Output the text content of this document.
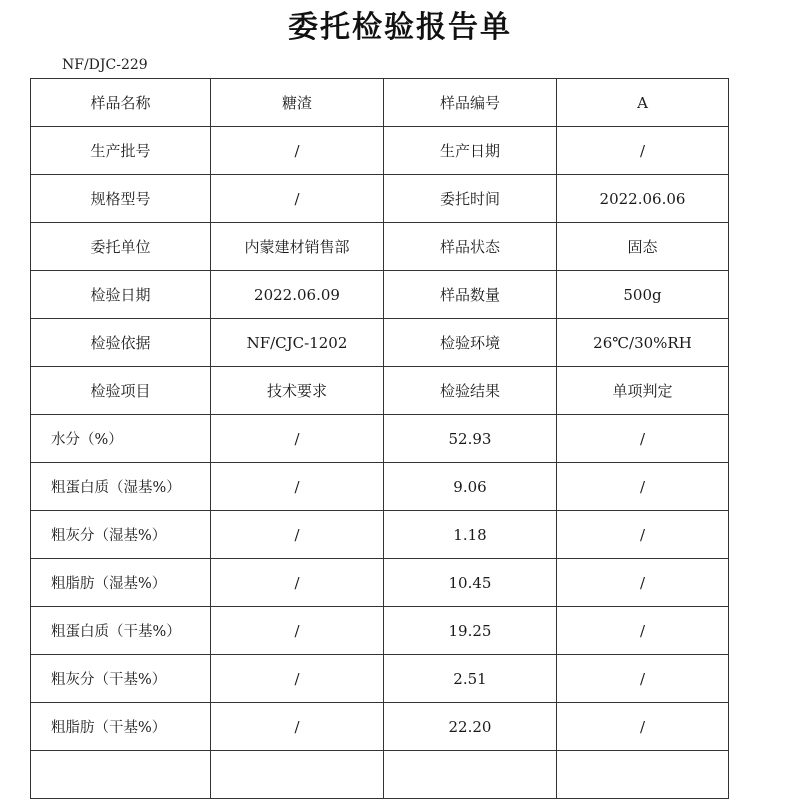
委托检验报告单
NF/DJC-229
样品名称	糖渣	样品编号	A
生产批号	/	生产日期	/
规格型号	/	委托时间	2022.06.06
委托单位	内蒙建材销售部	样品状态	固态
检验日期	2022.06.09	样品数量	500g
检验依据	NF/CJC-1202	检验环境	26℃/30%RH
检验项目	技术要求	检验结果	单项判定
水分（%）	/	52.93	/
粗蛋白质（湿基%）	/	9.06	/
粗灰分（湿基%）	/	1.18	/
粗脂肪（湿基%）	/	10.45	/
粗蛋白质（干基%）	/	19.25	/
粗灰分（干基%）	/	2.51	/
粗脂肪（干基%）	/	22.20	/
